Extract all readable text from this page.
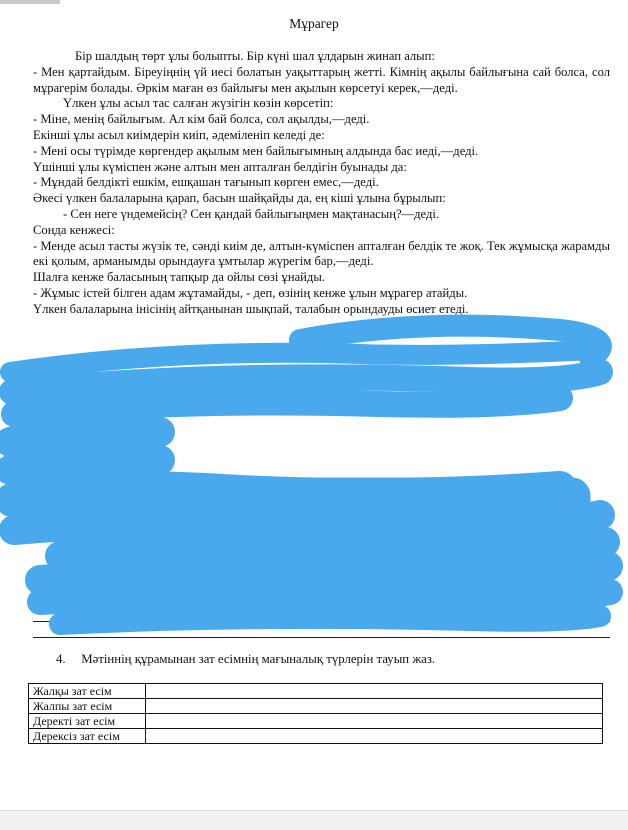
Мұрагер

Бір шалдың төрт ұлы болыпты. Бір күні шал ұлдарын жинап алып:

- Мен қартайдым. Біреуіңнің үй иесі болатын уақыттарың жетті. Кімнің ақылы байлығына сай болса, сол мұрагерім болады. Әркім маған өз байлығы мен ақылын көрсетуі керек,—деді.

Үлкен ұлы асыл тас салған жүзігін көзін көрсетіп:

- Міне, менің байлығым. Ал кім бай болса, сол ақылды,—деді.

Екінші ұлы асыл киімдерін киіп, әдеміленіп келеді де:

- Мені осы түрімде көргендер ақылым мен байлығымның алдында бас иеді,—деді.

Үшінші ұлы күміспен және алтын мен апталған белдігін буынады да:

- Мұндай белдікті ешкім, ешқашан тағынып көрген емес,—деді.

Әкесі үлкен балаларына қарап, басын шайқайды да, ең кіші ұлына бұрылып:

- Сен неге үндемейсің? Сен қандай байлығыңмен мақтанасың?—деді.

Сонда кенжесі:

- Менде асыл тасты жүзік те, сәнді киім де, алтын-күміспен апталған белдік те жоқ. Тек жұмысқа жарамды екі қолым, арманымды орындауға ұмтылар жүрегім бар,—деді.

Шалға кенже баласының тапқыр да ойлы сөзі ұнайды.

- Жұмыс істей білген адам жұтамайды, - деп, өзінің кенже ұлын мұрагер атайды.

Үлкен балаларына інісінің айтқанынан шықпай, талабын орындауды өсиет етеді.

4. Мәтіннің құрамынан зат есімнің мағыналық түрлерін тауып жаз.
Жалқы зат есім	
Жалпы зат есім	
Деректі зат есім	
Дерексіз зат есім	
